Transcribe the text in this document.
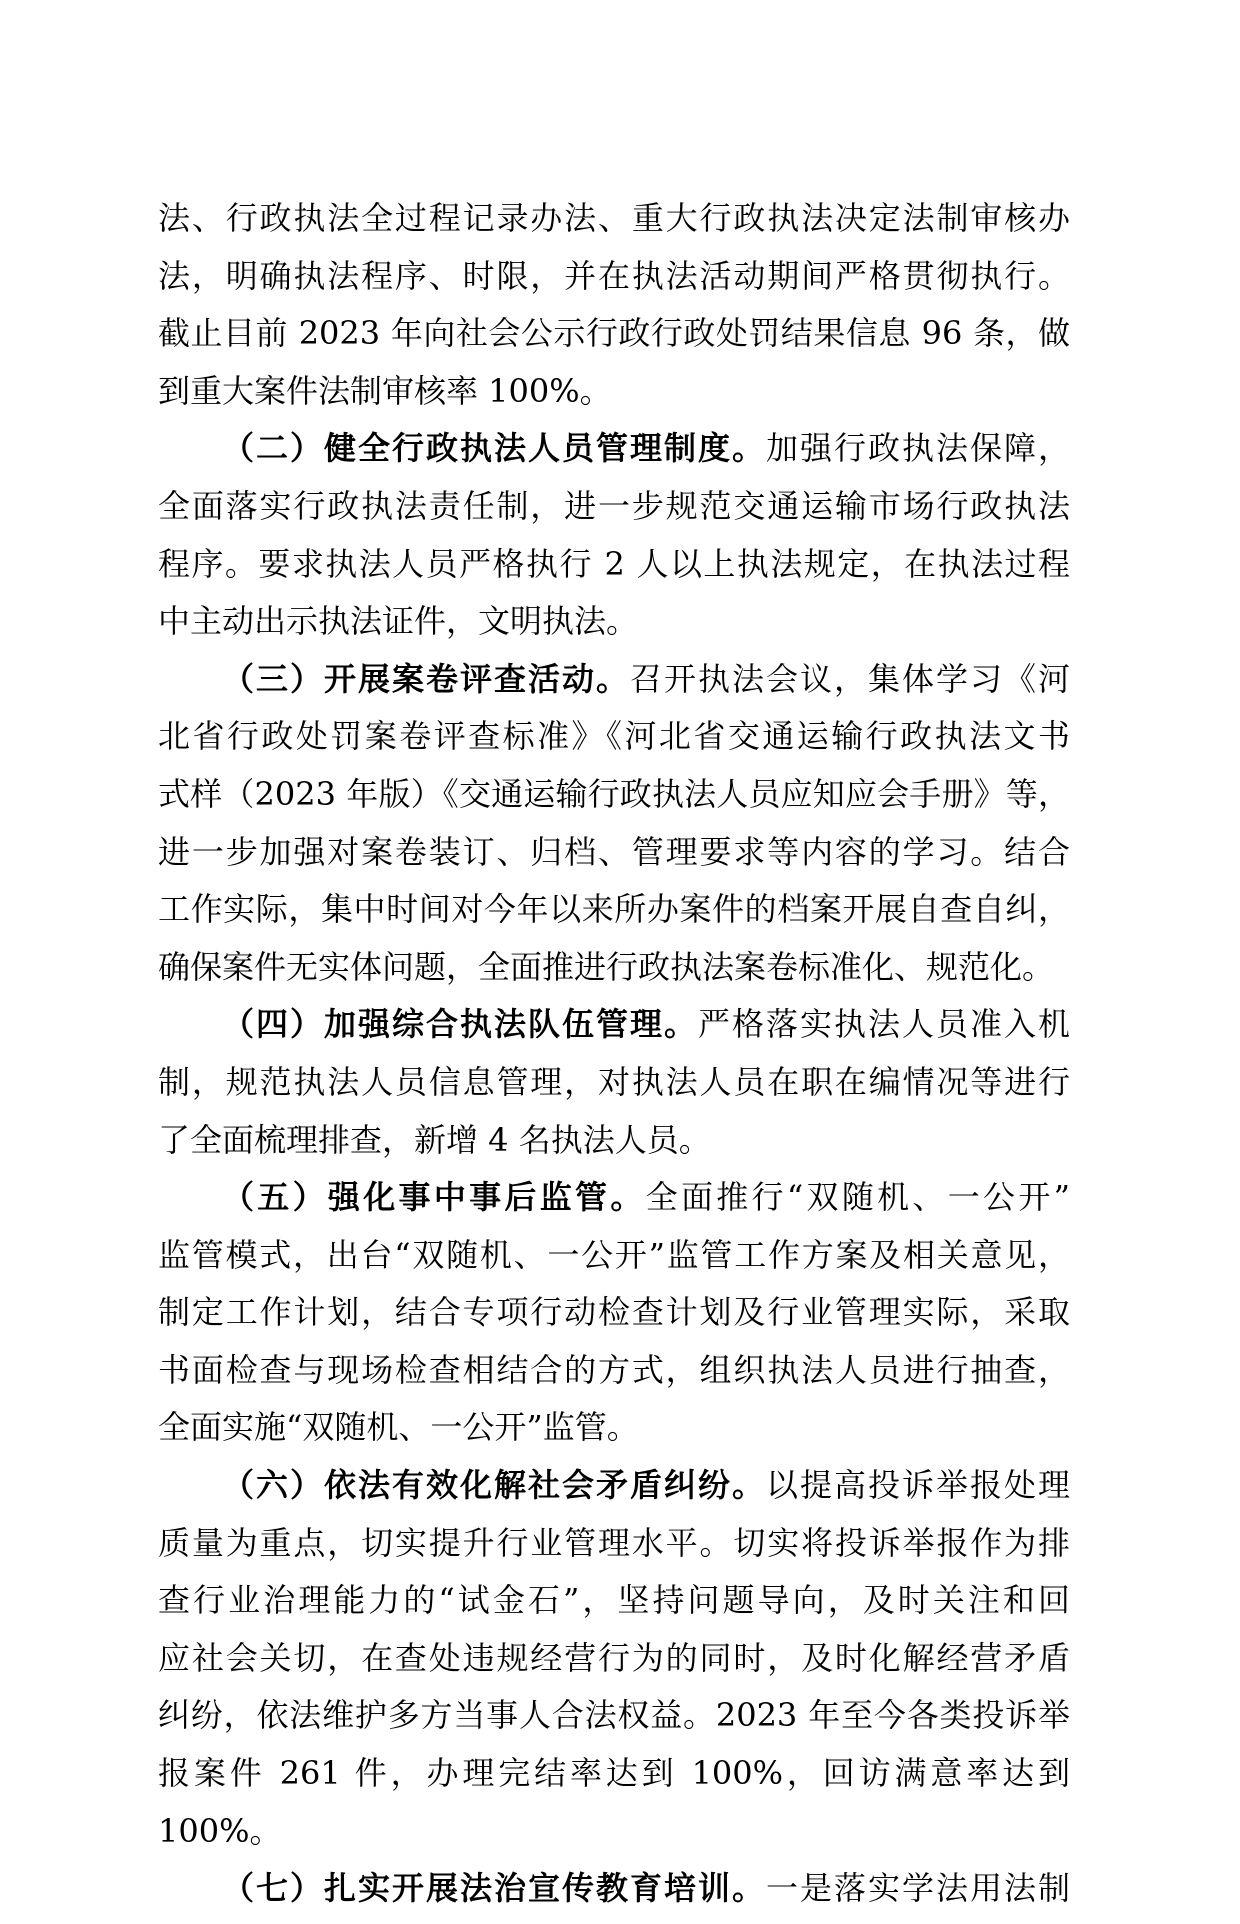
法、行政执法全过程记录办法、重大行政执法决定法制审核办
法，明确执法程序、时限，并在执法活动期间严格贯彻执行。
截止目前 2023 年向社会公示行政行政处罚结果信息 96 条，做
到重大案件法制审核率 100%。
（二）健全行政执法人员管理制度。加强行政执法保障，
全面落实行政执法责任制，进一步规范交通运输市场行政执法
程序。要求执法人员严格执行 2 人以上执法规定，在执法过程
中主动出示执法证件，文明执法。
（三）开展案卷评查活动。召开执法会议，集体学习《河
北省行政处罚案卷评查标准》《河北省交通运输行政执法文书
式样（2023 年版）《交通运输行政执法人员应知应会手册》等，
进一步加强对案卷装订、归档、管理要求等内容的学习。结合
工作实际，集中时间对今年以来所办案件的档案开展自查自纠，
确保案件无实体问题，全面推进行政执法案卷标准化、规范化。
（四）加强综合执法队伍管理。严格落实执法人员准入机
制，规范执法人员信息管理，对执法人员在职在编情况等进行
了全面梳理排查，新增 4 名执法人员。
（五）强化事中事后监管。全面推行“双随机、一公开”
监管模式，出台“双随机、一公开”监管工作方案及相关意见，
制定工作计划，结合专项行动检查计划及行业管理实际，采取
书面检查与现场检查相结合的方式，组织执法人员进行抽查，
全面实施“双随机、一公开”监管。
（六）依法有效化解社会矛盾纠纷。以提高投诉举报处理
质量为重点，切实提升行业管理水平。切实将投诉举报作为排
查行业治理能力的“试金石”，坚持问题导向，及时关注和回
应社会关切，在查处违规经营行为的同时，及时化解经营矛盾
纠纷，依法维护多方当事人合法权益。2023 年至今各类投诉举
报案件 261 件，办理完结率达到 100%，回访满意率达到
100%。
（七）扎实开展法治宣传教育培训。一是落实学法用法制
